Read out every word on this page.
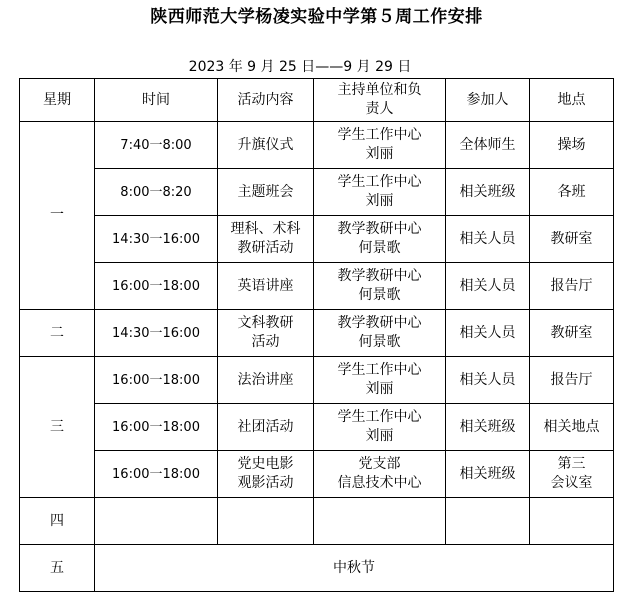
陕西师范大学杨凌实验中学第５周工作安排
2023 年 9 月 25 日——9 月 29 日
星期	时间	活动内容	主持单位和负
责人	参加人	地点
一	7:40一8:00	升旗仪式	学生工作中心
刘丽	全体师生	操场

	8:00一8:20	主题班会	学生工作中心
刘丽	相关班级	各班

	14:30一16:00	理科、术科
教研活动	教学教研中心
何景歌	相关人员	教研室

	16:00一18:00	英语讲座	教学教研中心
何景歌	相关人员	报告厅

二	14:30一16:00	文科教研
活动	教学教研中心
何景歌	相关人员	教研室

三	16:00一18:00	法治讲座	学生工作中心
刘丽	相关人员	报告厅

	16:00一18:00	社团活动	学生工作中心
刘丽	相关班级	相关地点

	16:00一18:00	党史电影
观影活动	党支部
信息技术中心	相关班级	第三
会议室

四					
五	中秋节				
